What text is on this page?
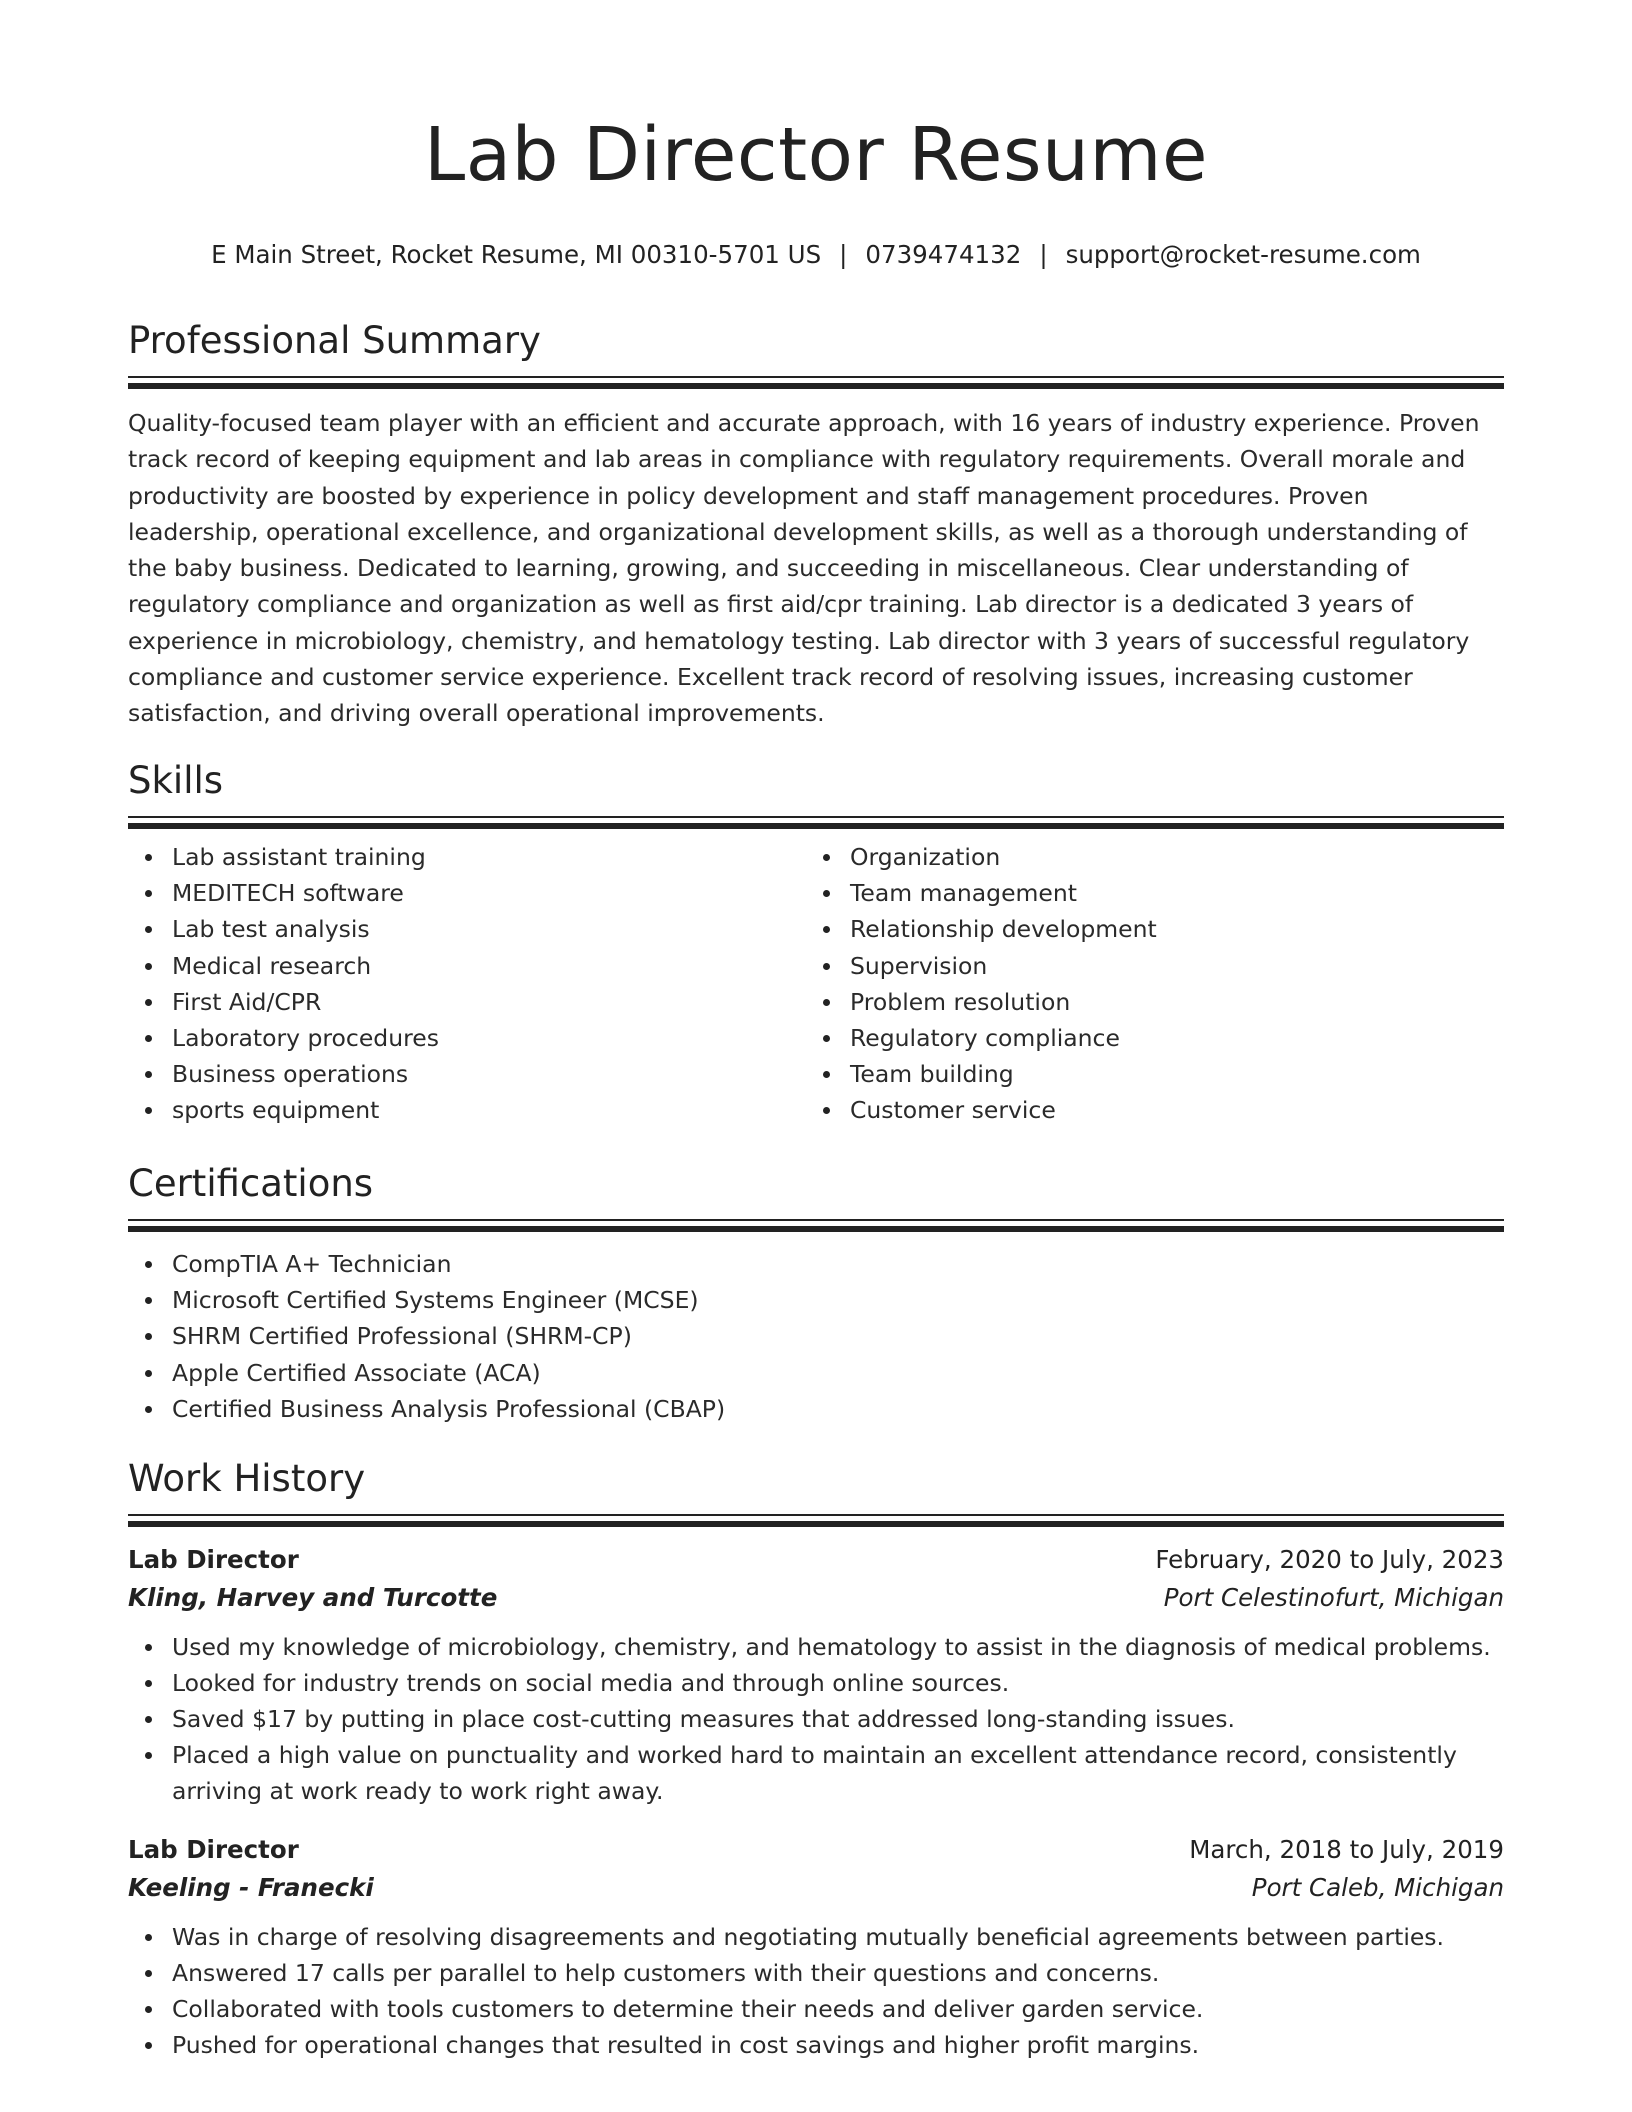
Lab Director Resume
E Main Street, Rocket Resume, MI 00310-5701 US | 0739474132 | support@rocket-resume.com
Professional Summary

Quality-focused team player with an efficient and accurate approach, with 16 years of industry experience. Proven track record of keeping equipment and lab areas in compliance with regulatory requirements. Overall morale and productivity are boosted by experience in policy development and staff management procedures. Proven leadership, operational excellence, and organizational development skills, as well as a thorough understanding of the baby business. Dedicated to learning, growing, and succeeding in miscellaneous. Clear understanding of regulatory compliance and organization as well as first aid/cpr training. Lab director is a dedicated 3 years of experience in microbiology, chemistry, and hematology testing. Lab director with 3 years of successful regulatory compliance and customer service experience. Excellent track record of resolving issues, increasing customer satisfaction, and driving overall operational improvements.

Skills
Lab assistant training
MEDITECH software
Lab test analysis
Medical research
First Aid/CPR
Laboratory procedures
Business operations
sports equipment
Organization
Team management
Relationship development
Supervision
Problem resolution
Regulatory compliance
Team building
Customer service
Certifications
CompTIA A+ Technician
Microsoft Certified Systems Engineer (MCSE)
SHRM Certified Professional (SHRM-CP)
Apple Certified Associate (ACA)
Certified Business Analysis Professional (CBAP)
Work History
Lab Director	February, 2020 to July, 2023
Kling, Harvey and Turcotte	Port Celestinofurt, Michigan
Used my knowledge of microbiology, chemistry, and hematology to assist in the diagnosis of medical problems.
Looked for industry trends on social media and through online sources.
Saved $17 by putting in place cost-cutting measures that addressed long-standing issues.
Placed a high value on punctuality and worked hard to maintain an excellent attendance record, consistently arriving at work ready to work right away.
Lab Director	March, 2018 to July, 2019
Keeling - Franecki	Port Caleb, Michigan
Was in charge of resolving disagreements and negotiating mutually beneficial agreements between parties.
Answered 17 calls per parallel to help customers with their questions and concerns.
Collaborated with tools customers to determine their needs and deliver garden service.
Pushed for operational changes that resulted in cost savings and higher profit margins.
